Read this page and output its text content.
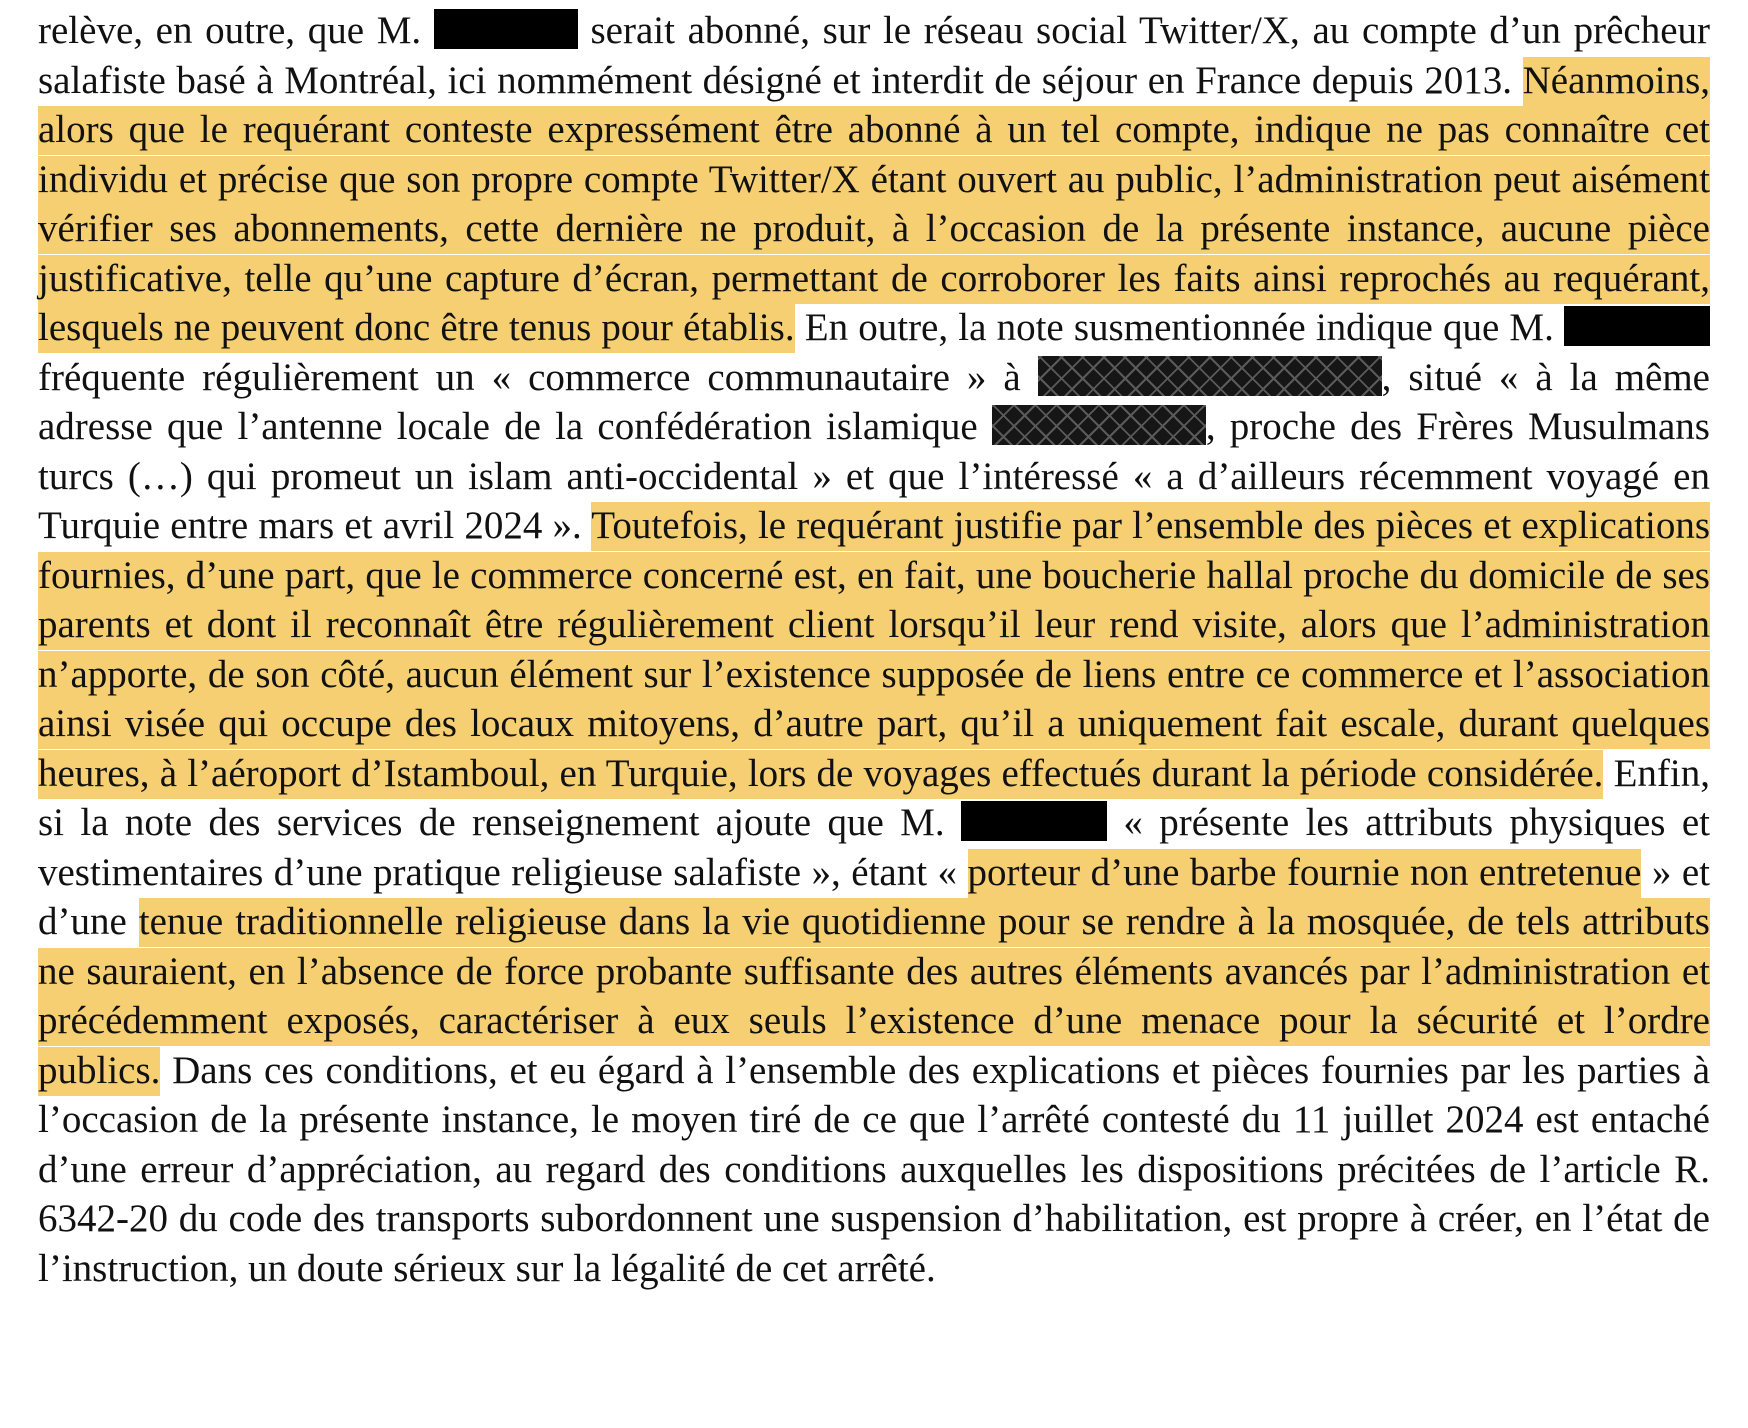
relève, en outre, que M.	serait abonné, sur le réseau social Twitter/X, au compte d’un prêcheur salafiste basé à Montréal, ici nommément désigné et interdit de séjour en France depuis 2013. Néanmoins, alors que le requérant conteste expressément être abonné à un tel compte, indique ne pas connaître cet individu et précise que son propre compte Twitter/X étant ouvert au public, l’administration peut aisément vérifier ses abonnements, cette dernière ne produit, à l’occasion de la présente instance, aucune pièce justificative, telle qu’une capture d’écran, permettant de corroborer les faits ainsi reprochés au requérant, lesquels ne peuvent donc être tenus pour établis. En outre, la note susmentionnée indique que M.  fréquente régulièrement un « commerce communautaire » à	, situé « à la même adresse que l’antenne locale de la confédération islamique	, proche des Frères Musulmans turcs (…) qui promeut un islam anti-occidental » et que l’intéressé « a d’ailleurs récemment voyagé en Turquie entre mars et avril 2024 ». Toutefois, le requérant justifie par l’ensemble des pièces et explications fournies, d’une part, que le commerce concerné est, en fait, une boucherie hallal proche du domicile de ses parents et dont il reconnaît être régulièrement client lorsqu’il leur rend visite, alors que l’administration n’apporte, de son côté, aucun élément sur l’existence supposée de liens entre ce commerce et l’association ainsi visée qui occupe des locaux mitoyens, d’autre part, qu’il a uniquement fait escale, durant quelques heures, à l’aéroport d’Istamboul, en Turquie, lors de voyages effectués durant la période considérée. Enfin, si la note des services de renseignement ajoute que M.	« présente les attributs physiques et vestimentaires d’une pratique religieuse salafiste », étant « porteur d’une barbe fournie non entretenue » et d’une tenue traditionnelle religieuse dans la vie quotidienne pour se rendre à la mosquée, de tels attributs ne sauraient, en l’absence de force probante suffisante des autres éléments avancés par l’administration et précédemment exposés, caractériser à eux seuls l’existence d’une menace pour la sécurité et l’ordre publics. Dans ces conditions, et eu égard à l’ensemble des explications et pièces fournies par les parties à l’occasion de la présente instance, le moyen tiré de ce que l’arrêté contesté du 11 juillet 2024 est entaché d’une erreur d’appréciation, au regard des conditions auxquelles les dispositions précitées de l’article R. 6342-20 du code des transports subordonnent une suspension d’habilitation, est propre à créer, en l’état de l’instruction, un doute sérieux sur la légalité de cet arrêté.
